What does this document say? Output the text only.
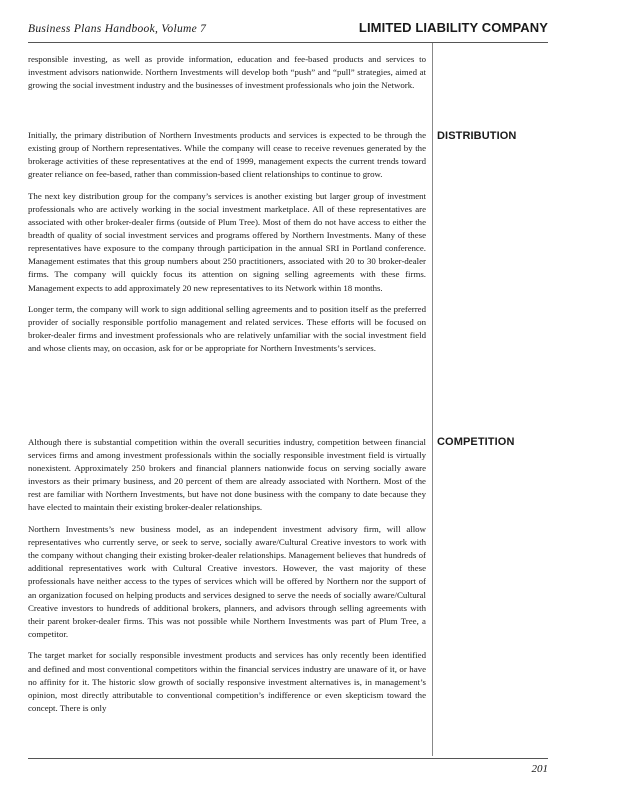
Business Plans Handbook, Volume 7	LIMITED LIABILITY COMPANY

responsible investing, as well as provide information, education and fee-based products and services to investment advisors nationwide. Northern Investments will develop both “push” and “pull” strategies, aimed at growing the social investment industry and the businesses of investment professionals who join the Network.

DISTRIBUTION

Initially, the primary distribution of Northern Investments products and services is expected to be through the existing group of Northern representatives. While the company will cease to receive revenues generated by the brokerage activities of these representatives at the end of 1999, management expects the current trends toward greater reliance on fee-based, rather than commission-based client relationships to continue to grow.

The next key distribution group for the company’s services is another existing but larger group of investment professionals who are actively working in the social investment marketplace. All of these representatives are associated with other broker-dealer firms (outside of Plum Tree). Most of them do not have access to either the breadth of quality of social investment services and programs offered by Northern Investments. Many of these representatives have exposure to the company through participation in the annual SRI in Portland conference. Management estimates that this group numbers about 250 practitioners, associated with 20 to 30 broker-dealer firms. The company will quickly focus its attention on signing selling agreements with these firms. Management expects to add approximately 20 new representatives to its Network within 18 months.

Longer term, the company will work to sign additional selling agreements and to position itself as the preferred provider of socially responsible portfolio management and related services. These efforts will be focused on broker-dealer firms and investment professionals who are relatively unfamiliar with the social investment field and whose clients may, on occasion, ask for or be appropriate for Northern Investments’s services.

COMPETITION

Although there is substantial competition within the overall securities industry, competition between financial services firms and among investment professionals within the socially responsible investment field is virtually nonexistent. Approximately 250 brokers and financial planners nationwide focus on serving socially aware investors as their primary business, and 20 percent of them are already associated with Northern. Most of the rest are familiar with Northern Investments, but have not done business with the company to date because they have elected to maintain their existing broker-dealer relationships.

Northern Investments’s new business model, as an independent investment advisory firm, will allow representatives who currently serve, or seek to serve, socially aware/Cultural Creative investors to work with the company without changing their existing broker-dealer relationships. Management believes that hundreds of additional representatives work with Cultural Creative investors. However, the vast majority of these professionals have neither access to the types of services which will be offered by Northern nor the support of an organization focused on helping products and services designed to serve the needs of socially aware/Cultural Creative investors to hundreds of additional brokers, planners, and advisors through selling agreements with their parent broker-dealer firms. This was not possible while Northern Investments was part of Plum Tree, a competitor.

The target market for socially responsible investment products and services has only recently been identified and defined and most conventional competitors within the financial services industry are unaware of it, or have no affinity for it. The historic slow growth of socially responsive investment alternatives is, in management’s opinion, most directly attributable to conventional competition’s indifference or even skepticism toward the concept. There is only

201
